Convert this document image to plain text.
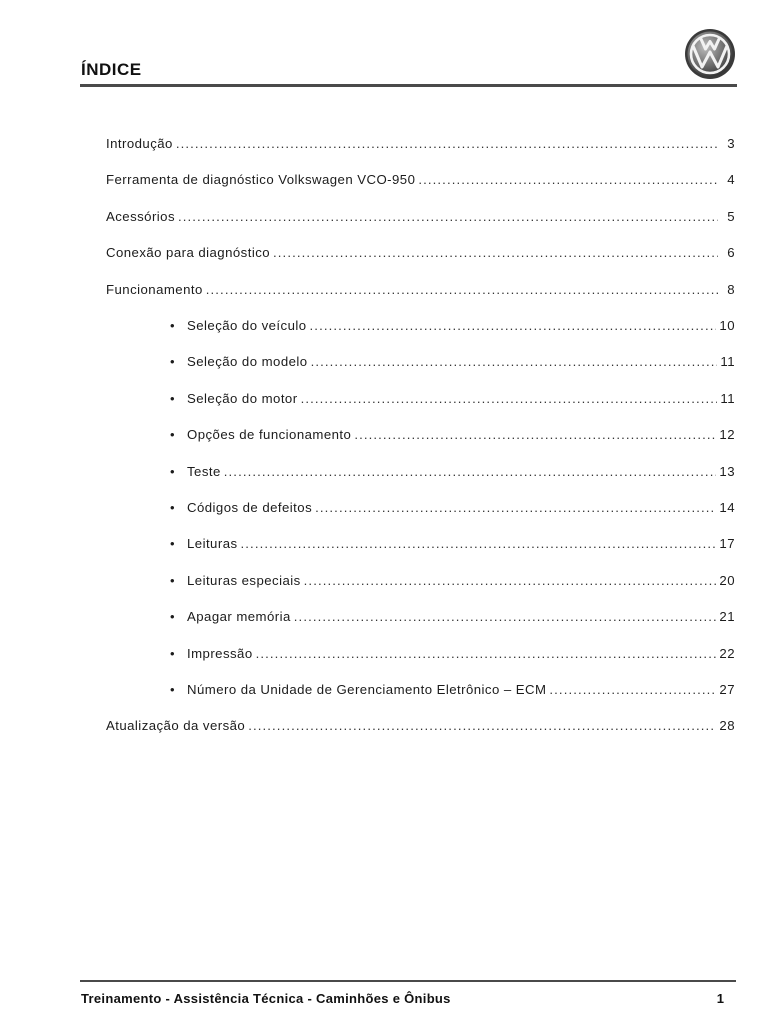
ÍNDICE
Introdução .....	3
Ferramenta de diagnóstico Volkswagen VCO-950 .....	4
Acessórios .....	5
Conexão para diagnóstico .....	6
Funcionamento .....	8
• Seleção do veículo .....	10
• Seleção do modelo .....	11
• Seleção do motor .....	11
• Opções de funcionamento .....	12
• Teste .....	13
• Códigos de defeitos .....	14
• Leituras .....	17
• Leituras especiais .....	20
• Apagar memória .....	21
• Impressão .....	22
• Número da Unidade de Gerenciamento Eletrônico – ECM .....	27
Atualização da versão .....	28
Treinamento - Assistência Técnica - Caminhões e Ônibus	1
